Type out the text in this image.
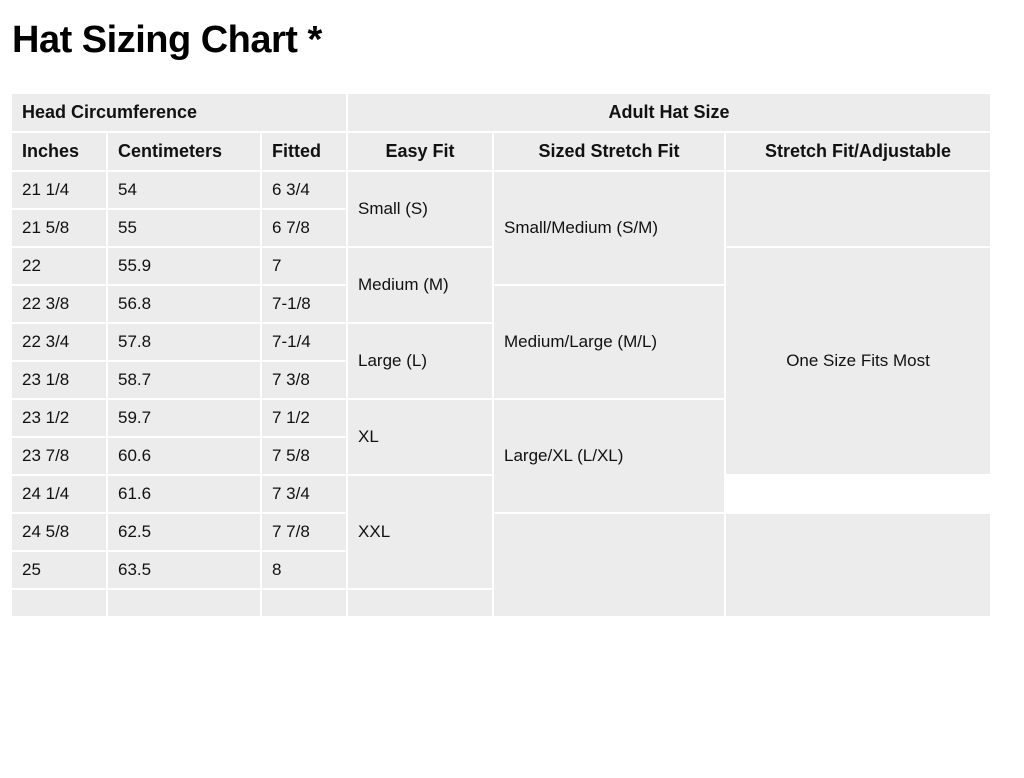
Hat Sizing Chart *
Head Circumference			Adult Hat Size		
Inches	Centimeters	Fitted	Easy Fit	Sized Stretch Fit	Stretch Fit/Adjustable
21 1/4	54	6 3/4	Small (S)	Small/Medium (S/M)	
21 5/8	55	6 7/8			
22	55.9	7	Medium (M)		One Size Fits Most
22 3/8	56.8	7-1/8		Medium/Large (M/L)	
22 3/4	57.8	7-1/4	Large (L)		
23 1/8	58.7	7 3/8			
23 1/2	59.7	7 1/2	XL	Large/XL (L/XL)	
23 7/8	60.6	7 5/8			
24 1/4	61.6	7 3/4	XXL		
24 5/8	62.5	7 7/8			
25	63.5	8			
